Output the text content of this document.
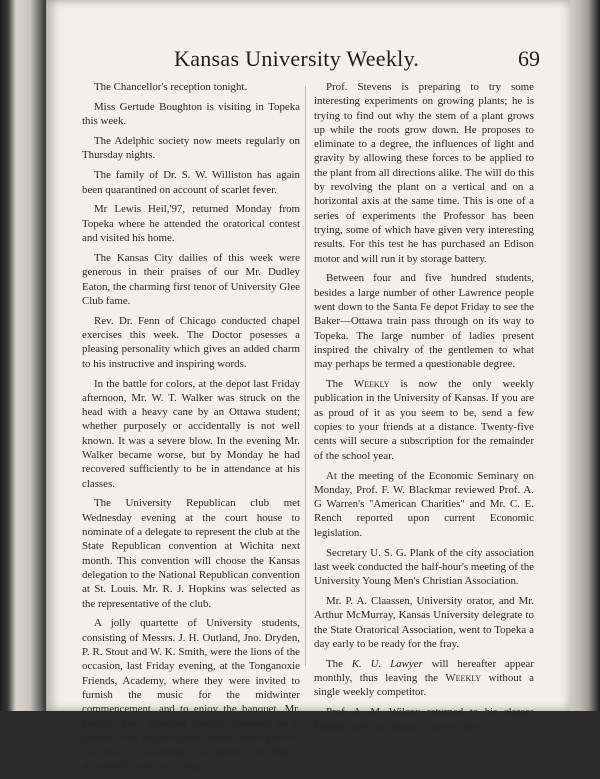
Kansas University Weekly.	69

The Chancellor's reception tonight.

Miss Gertude Boughton is visiting in Topeka this week.

The Adelphic society now meets regularly on Thursday nights.

The family of Dr. S. W. Williston has again been quarantined on account of scarlet fever.

Mr Lewis Heil,'97, returned Monday from Topeka where he attended the oratorical contest and visited his home.

The Kansas City dailies of this week were generous in their praises of our Mr. Dudley Eaton, the charming first tenor of University Glee Club fame.

Rev. Dr. Fenn of Chicago conducted chapel exercises this week. The Doctor posesses a pleasing personality which gives an added charm to his instructive and inspiring words.

In the battle for colors, at the depot last Friday afternoon, Mr. W. T. Walker was struck on the head with a heavy cane by an Ottawa student; whether purposely or accidentally is not well known. It was a severe blow. In the evening Mr. Walker became worse, but by Monday he had recovered sufficiently to be in attendance at his classes.

The University Republican club met Wednesday evening at the court house to nominate of a delegate to represent the club at the State Republican convention at Wichita next month. This convention will choose the Kansas delegation to the National Republican convention at St. Louis. Mr. R. J. Hopkins was selected as the representative of the club.

A jolly quartette of University students, consisting of Messrs. J. H. Outland, Jno. Dryden, P. R. Stout and W. K. Smith, were the lions of the occasion, last Friday evening, at the Tonganoxie Friends, Academy, where they were invited to furnish the music for the midwinter commencement, and to enjoy the banquet. Mr. Smith's bass attracted special attention as it always does, and with the careful training which his voice is receiving, we predict for him a successful career as a singer.

Prof. Stevens is preparing to try some interesting experiments on growing plants; he is trying to find out why the stem of a plant grows up while the roots grow down. He proposes to eliminate to a degree, the influences of light and gravity by allowing these forces to be applied to the plant from all directions alike. The will do this by revolving the plant on a vertical and on a horizontal axis at the same time. This is one of a series of experiments the Professor has been trying, some of which have given very interesting results. For this test he has purchased an Edison motor and will run it by storage battery.

Between four and five hundred students, besides a large number of other Lawrence people went down to the Santa Fe depot Friday to see the Baker—Ottawa train pass through on its way to Topeka. The large number of ladies present inspired the chivalry of the gentlemen to what may perhaps be termed a questionable degree.

The Weekly is now the only weekly publication in the University of Kansas. If you are as proud of it as you seem to be, send a few copies to your friends at a distance. Twenty-five cents will secure a subscription for the remainder of the school year.

At the meeting of the Economic Seminary on Monday, Prof. F. W. Blackmar reviewed Prof. A. G Warren's "American Charities" and Mr. C. E. Rench reported upon current Economic legislation.

Secretary U. S. G. Plank of the city association last week conducted the half-hour's meeting of the University Young Men's Christian Association.

Mr. P. A. Claassen, University orator, and Mr. Arthur McMurray, Kansas University delegrate to the State Oratorical Association, went to Topeka a day early to be ready for the fray.

The K. U. Lawyer will hereafter appear monthly, thus leaving the Weekly without a single weekly competitor.

Prof. A. M. Wilcox returned to his classes Monday after an illness of several days.
